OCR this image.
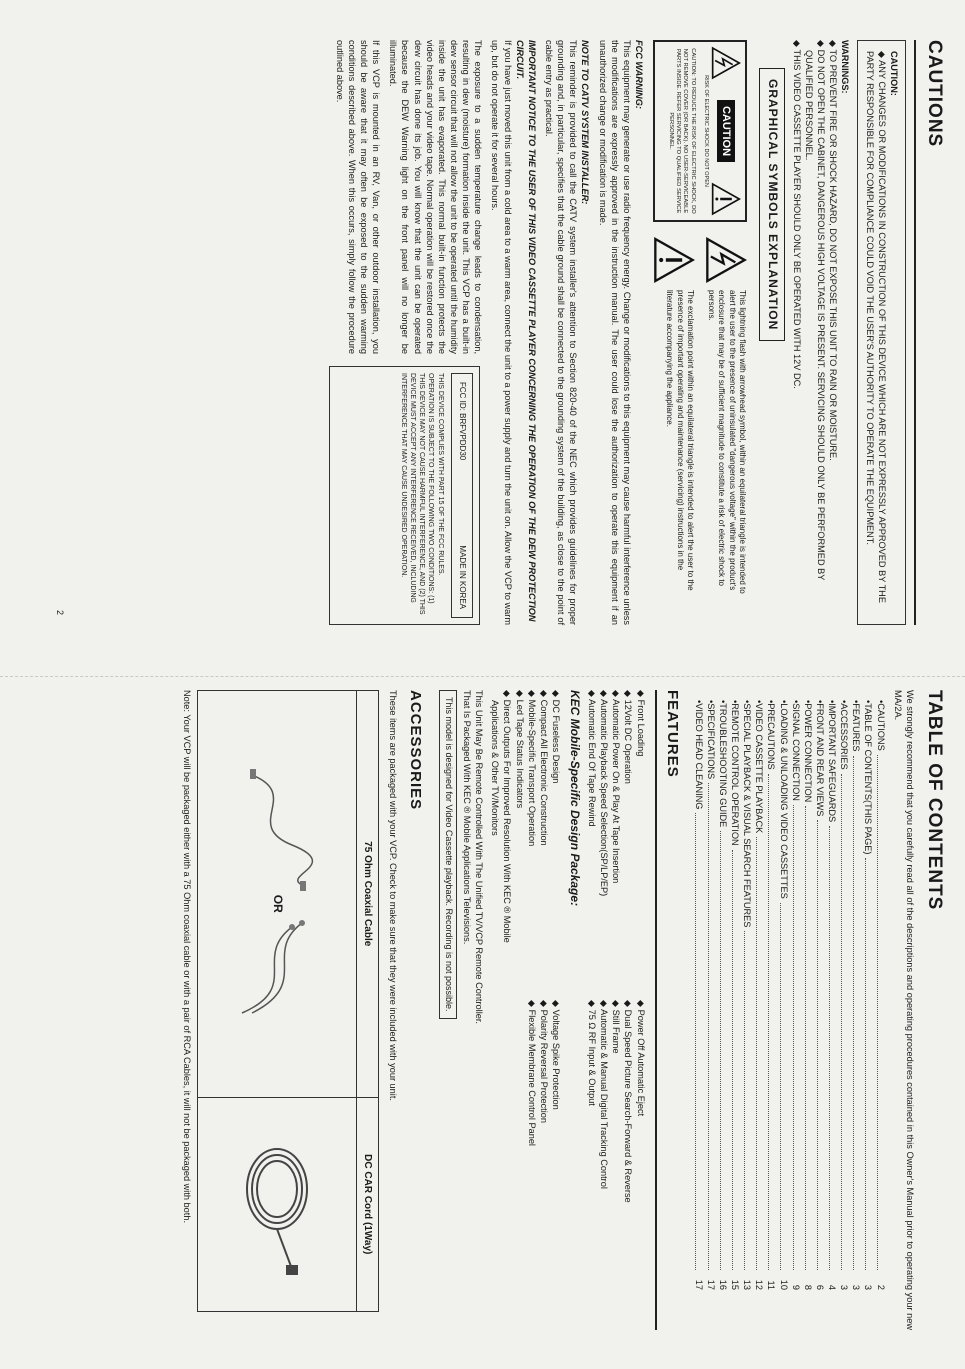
CAUTIONS
CAUTION:
◆ ANY CHANGES OR MODIFICATIONS IN CONSTRUCTION OF THIS DEVICE WHICH ARE NOT EXPRESSLY APPROVED BY THE PARTY RESPONSIBLE FOR COMPLIANCE COULD VOID THE USER'S AUTHORITY TO OPERATE THE EQUIPMENT.
WARNINGS:
◆ TO PREVENT FIRE OR SHOCK HAZARD, DO NOT EXPOSE THIS UNIT TO RAIN OR MOISTURE.
◆ DO NOT OPEN THE CABINET, DANGEROUS HIGH VOLTAGE IS PRESENT. SERVICING SHOULD ONLY BE PERFORMED BY QUALIFIED PERSONNEL.
◆ THIS VIDEO CASSETTE PLAYER SHOULD ONLY BE OPERATED WITH 12V DC.
GRAPHICAL SYMBOLS EXPLANATION
CAUTION
RISK OF ELECTRIC SHOCK DO NOT OPEN
CAUTION: TO REDUCE THE RISK OF ELECTRIC SHOCK, DO NOT REMOVE COVER (OR BACK). NO USER-SERVICEABLE PARTS INSIDE. REFER SERVICING TO QUALIFIED SERVICE PERSONNEL.
This lightning flash with arrowhead symbol, within an equilateral triangle is intended to alert the user to the presence of uninsulated "dangerous voltage" within the product's enclosure that may be of sufficient magnitude to constitute a risk of electric shock to persons.
The exclamation point within an equilateral triangle is intended to alert the user to the presence of important operating and maintenance (servicing) instructions in the literature accompanying the appliance.
FCC WARNING:
This equipment may generate or use radio frequency energy. Change or modifications to this equipment may cause harmful interference unless the modifications are expressly approved in the instruction manual. The user could lose the authorization to operate this equipment if an unauthorized change or modification is made.
NOTE TO CATV SYSTEM INSTALLER:
This reminder is provided to call the CATV system installer's attention to Section 820-40 of the NEC which provides guidelines for proper grounding and, in particular, specifies that the cable ground shall be connected to the grounding system of the building, as close to the point of cable entry as practical.
IMPORTANT NOTICE TO THE USER OF THIS VIDEO CASSETTE PLAYER CONCERNING THE OPERATION OF THE DEW PROTECTION CIRCUIT.
If you have just moved this unit from a cold area to a warm area, connect the unit to a power supply and turn the unit on. Allow the VCP to warm up, but do not operate it for several hours.
The exposure to a sudden temperature change leads to condensation, resulting in dew (moisture) formation inside the unit. This VCP has a built-in dew sensor circuit that will not allow the unit to be operated until the humidity inside the unit has evaporated. This normal built-in function protects the video heads and your video tape. Normal operation will be restored once the dew circuit has done its job. You will know that the unit can be operated because the DEW Warning light on the front panel will no longer be illuminated.
If this VCP is mounted in an RV, Van, or other outdoor installation, you should be aware that it may often be exposed to the sudden warming conditions described above. When this occurs, simply follow the procedure outlined above.
FCC ID: BRFVPDD30
MADE IN KOREA
THIS DEVICE COMPLIES WITH PART 15 OF THE FCC RULES. OPERATION IS SUBJECT TO THE FOLLOWING TWO CONDITIONS: (1) THIS DEVICE MAY NOT CAUSE HARMFUL INTERFERENCE, AND (2) THIS DEVICE MUST ACCEPT ANY INTERFERENCE RECEIVED, INCLUDING INTERFERENCE THAT MAY CAUSE UNDESIRED OPERATION.
2
TABLE OF CONTENTS
We strongly recommend that you carefully read all of the descriptions and operating procedures contained in this Owner's Manual prior to operating your new MA/2A.
•
CAUTIONS
2
•
TABLE OF CONTENTS(THIS PAGE)
3
•
FEATURES
3
•
ACCESSORIES
3
•
IMPORTANT SAFEGUARDS
4
•
FRONT AND REAR VIEWS
6
•
POWER CONNECTION
8
•
SIGNAL CONNECTION
9
•
LOADING & UNLOADING VIDEO CASSETTES
10
•
PRECAUTIONS
11
•
VIDEO CASSETTE PLAYBACK
12
•
SPECIAL PLAYBACK & VISUAL SEARCH FEATURES
13
•
REMOTE CONTROL OPERATION
15
•
TROUBLESHOOTING GUIDE
16
•
SPECIFICATIONS
17
•
VIDEO HEAD CLEANING
17
FEATURES
◆ Front Loading
◆ 12Volt DC Operation
◆ Automatic Power On & Play At Tape Insertion
◆ Automatic Playback Speed Selection(SP/LP/EP)
◆ Automatic End Of Tape Rewind
◆ Power Off Automatic Eject
◆ Dual Speed Picture Search-Forward & Reverse
◆ Still Frame
◆ Automatic & Manual Digital Tracking Control
◆ 75 Ω RF Input & Output
KEC Mobile-Specific Design Package:
◆ DC Fuseless Design
◆ Compact All Electronic Construction
◆ Mobile-Specific Transport Operation
◆ Led Tape Status Indicators
◆ Direct Outputs For Improved Resolution With KEC ® Mobile Applications & Other TV/Monitors
◆ Voltage Spike Protection
◆ Polarity Reversal Protection
◆ Flexible Membrane Control Panel
This Unit May Be Remote Controlled With The Unified TV/VCP Remote Controller.
That Is Packaged With KEC ® Mobile Applications Televisions.
This model is designed for Video Cassette playback. Recording is not possible.
ACCESSORIES
These items are packaged with your VCP. Check to make sure that they were included with your unit.
75 Ohm Coaxial Cable
OR
DC CAR Cord (1Way)
Note: Your VCP will be packaged either with a 75 Ohm coaxial cable or with a pair of RCA Cables, it will not be packaged with both.
